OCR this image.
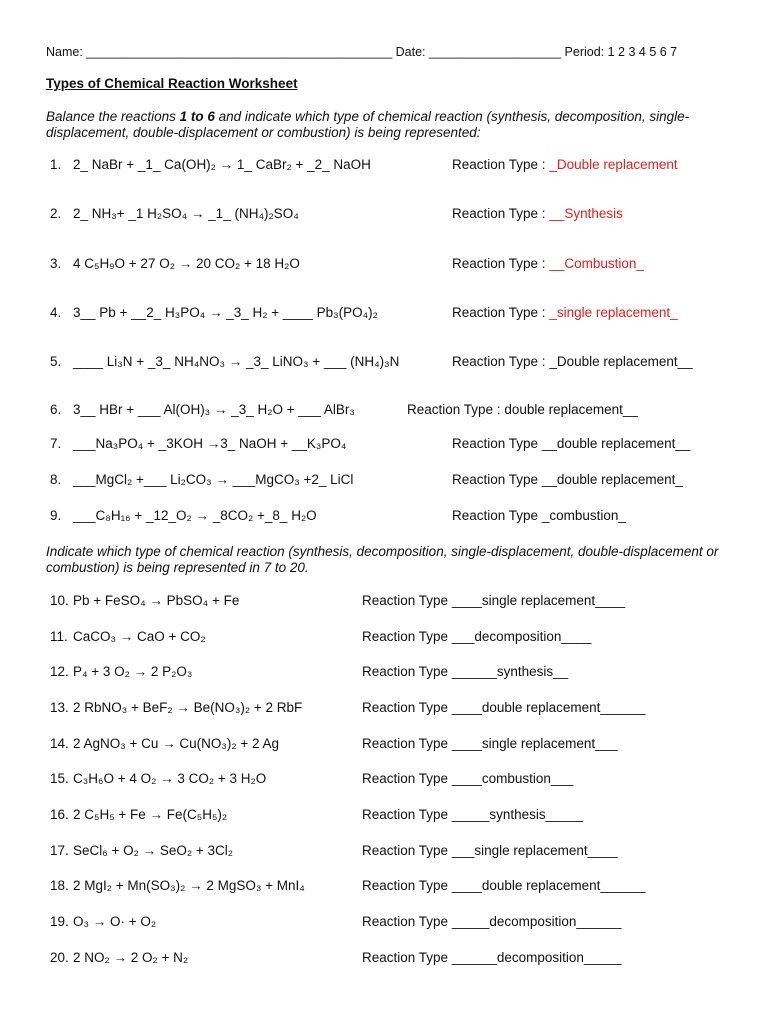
Name: ____________________________________________ Date: ___________________ Period: 1 2 3 4 5 6 7
Types of Chemical Reaction Worksheet
Balance the reactions 1 to 6 and indicate which type of chemical reaction (synthesis, decomposition, single-displacement, double-displacement or combustion) is being represented:
1. 2_ NaBr + _1_ Ca(OH)₂ → 1_ CaBr₂ + _2_ NaOH	Reaction Type : _Double replacement
2. 2_ NH₃+ _1 H₂SO₄ → _1_ (NH₄)₂SO₄	Reaction Type : __Synthesis
3. 4 C₅H₉O + 27 O₂ → 20 CO₂ + 18 H₂O	Reaction Type : __Combustion_
4. 3__ Pb + __2_ H₃PO₄ → _3_ H₂ + ____ Pb₃(PO₄)₂	Reaction Type : _single replacement_
5. ____ Li₃N + _3_ NH₄NO₃ → _3_ LiNO₃ + ___ (NH₄)₃N	Reaction Type : _Double replacement__
6. 3__ HBr + ___ Al(OH)₃ → _3_ H₂O + ___ AlBr₃	Reaction Type : double replacement__
7. ___Na₃PO₄ + _3KOH →3_ NaOH + __K₃PO₄	Reaction Type __double replacement__
8. ___MgCl₂ +___ Li₂CO₃ → ___MgCO₃ +2_ LiCl	Reaction Type __double replacement_
9. ___C₈H₁₆ + _12_O₂ → _8CO₂ +_8_ H₂O	Reaction Type _combustion_
Indicate which type of chemical reaction (synthesis, decomposition, single-displacement, double-displacement or combustion) is being represented in 7 to 20.
10. Pb + FeSO₄ → PbSO₄ + Fe	Reaction Type ____single replacement____
11. CaCO₃ → CaO + CO₂	Reaction Type ___decomposition____
12. P₄ + 3 O₂ → 2 P₂O₃	Reaction Type ______synthesis__
13. 2 RbNO₃ + BeF₂ → Be(NO₃)₂ + 2 RbF	Reaction Type ____double replacement______
14. 2 AgNO₃ + Cu → Cu(NO₃)₂ + 2 Ag	Reaction Type ____single replacement___
15. C₃H₆O + 4 O₂ → 3 CO₂ + 3 H₂O	Reaction Type ____combustion___
16. 2 C₅H₅ + Fe → Fe(C₅H₅)₂	Reaction Type _____synthesis_____
17. SeCl₆ + O₂ → SeO₂ + 3Cl₂	Reaction Type ___single replacement____
18. 2 MgI₂ + Mn(SO₃)₂ → 2 MgSO₃ + MnI₄	Reaction Type ____double replacement______
19. O₃ → O· + O₂	Reaction Type _____decomposition______
20. 2 NO₂ → 2 O₂ + N₂	Reaction Type ______decomposition_____
